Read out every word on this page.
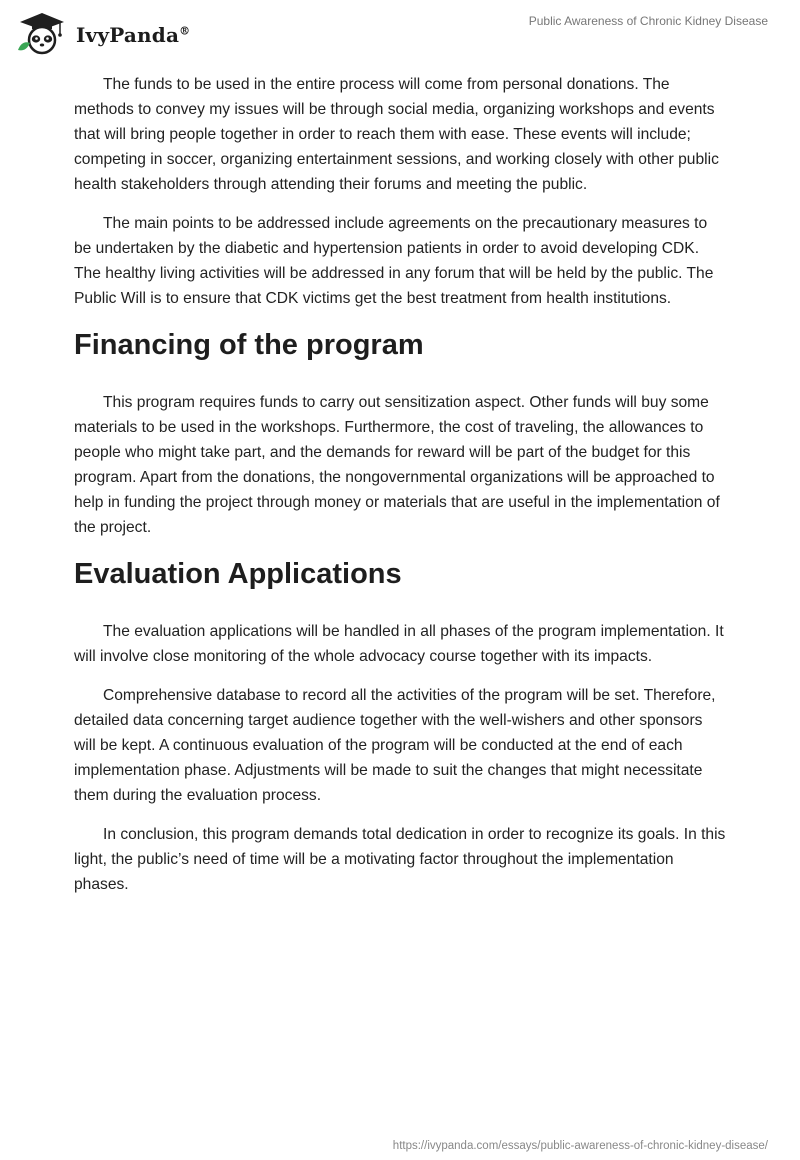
IvyPanda®
Public Awareness of Chronic Kidney Disease

The funds to be used in the entire process will come from personal donations. The methods to convey my issues will be through social media, organizing workshops and events that will bring people together in order to reach them with ease. These events will include; competing in soccer, organizing entertainment sessions, and working closely with other public health stakeholders through attending their forums and meeting the public.

The main points to be addressed include agreements on the precautionary measures to be undertaken by the diabetic and hypertension patients in order to avoid developing CDK. The healthy living activities will be addressed in any forum that will be held by the public. The Public Will is to ensure that CDK victims get the best treatment from health institutions.

Financing of the program

This program requires funds to carry out sensitization aspect. Other funds will buy some materials to be used in the workshops. Furthermore, the cost of traveling, the allowances to people who might take part, and the demands for reward will be part of the budget for this program. Apart from the donations, the nongovernmental organizations will be approached to help in funding the project through money or materials that are useful in the implementation of the project.

Evaluation Applications

The evaluation applications will be handled in all phases of the program implementation. It will involve close monitoring of the whole advocacy course together with its impacts.

Comprehensive database to record all the activities of the program will be set. Therefore, detailed data concerning target audience together with the well-wishers and other sponsors will be kept. A continuous evaluation of the program will be conducted at the end of each implementation phase. Adjustments will be made to suit the changes that might necessitate them during the evaluation process.

In conclusion, this program demands total dedication in order to recognize its goals. In this light, the public’s need of time will be a motivating factor throughout the implementation phases.

https://ivypanda.com/essays/public-awareness-of-chronic-kidney-disease/
